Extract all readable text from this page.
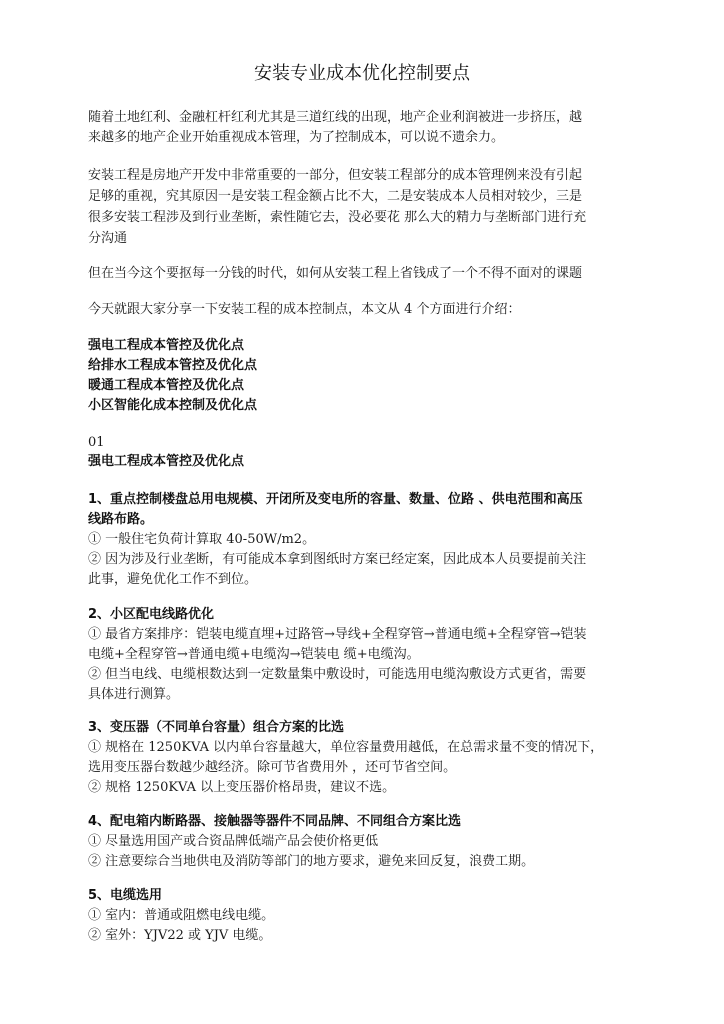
安装专业成本优化控制要点
随着土地红利、金融杠杆红利尤其是三道红线的出现，地产企业利润被进一步挤压，越
来越多的地产企业开始重视成本管理，为了控制成本，可以说不遗余力。
安装工程是房地产开发中非常重要的一部分，但安装工程部分的成本管理例来没有引起
足够的重视，究其原因一是安装工程金额占比不大，二是安装成本人员相对较少，三是
很多安装工程涉及到行业垄断，索性随它去，没必要花 那么大的精力与垄断部门进行充
分沟通
但在当今这个要抠每一分钱的时代，如何从安装工程上省钱成了一个不得不面对的课题
今天就跟大家分享一下安装工程的成本控制点，本文从 4 个方面进行介绍：
强电工程成本管控及优化点
给排水工程成本管控及优化点
暖通工程成本管控及优化点
小区智能化成本控制及优化点
01
强电工程成本管控及优化点
1、重点控制楼盘总用电规模、开闭所及变电所的容量、数量、位路 、供电范围和高压
线路布路。
① 一般住宅负荷计算取 40-50W/m2。
② 因为涉及行业垄断，有可能成本拿到图纸时方案已经定案，因此成本人员要提前关注
此事，避免优化工作不到位。
2、小区配电线路优化
① 最省方案排序：铠装电缆直埋+过路管→导线+全程穿管→普通电缆+全程穿管→铠装
电缆+全程穿管→普通电缆+电缆沟→铠装电 缆+电缆沟。
② 但当电线、电缆根数达到一定数量集中敷设时，可能选用电缆沟敷设方式更省，需要
具体进行测算。
3、变压器（不同单台容量）组合方案的比选
① 规格在 1250KVA 以内单台容量越大，单位容量费用越低，在总需求量不变的情况下，
选用变压器台数越少越经济。除可节省费用外 ，还可节省空间。
② 规格 1250KVA 以上变压器价格昂贵，建议不选。
4、配电箱内断路器、接触器等器件不同品牌、不同组合方案比选
① 尽量选用国产或合资品牌低端产品会使价格更低
② 注意要综合当地供电及消防等部门的地方要求，避免来回反复，浪费工期。
5、电缆选用
① 室内：普通或阻燃电线电缆。
② 室外：YJV22 或 YJV 电缆。
